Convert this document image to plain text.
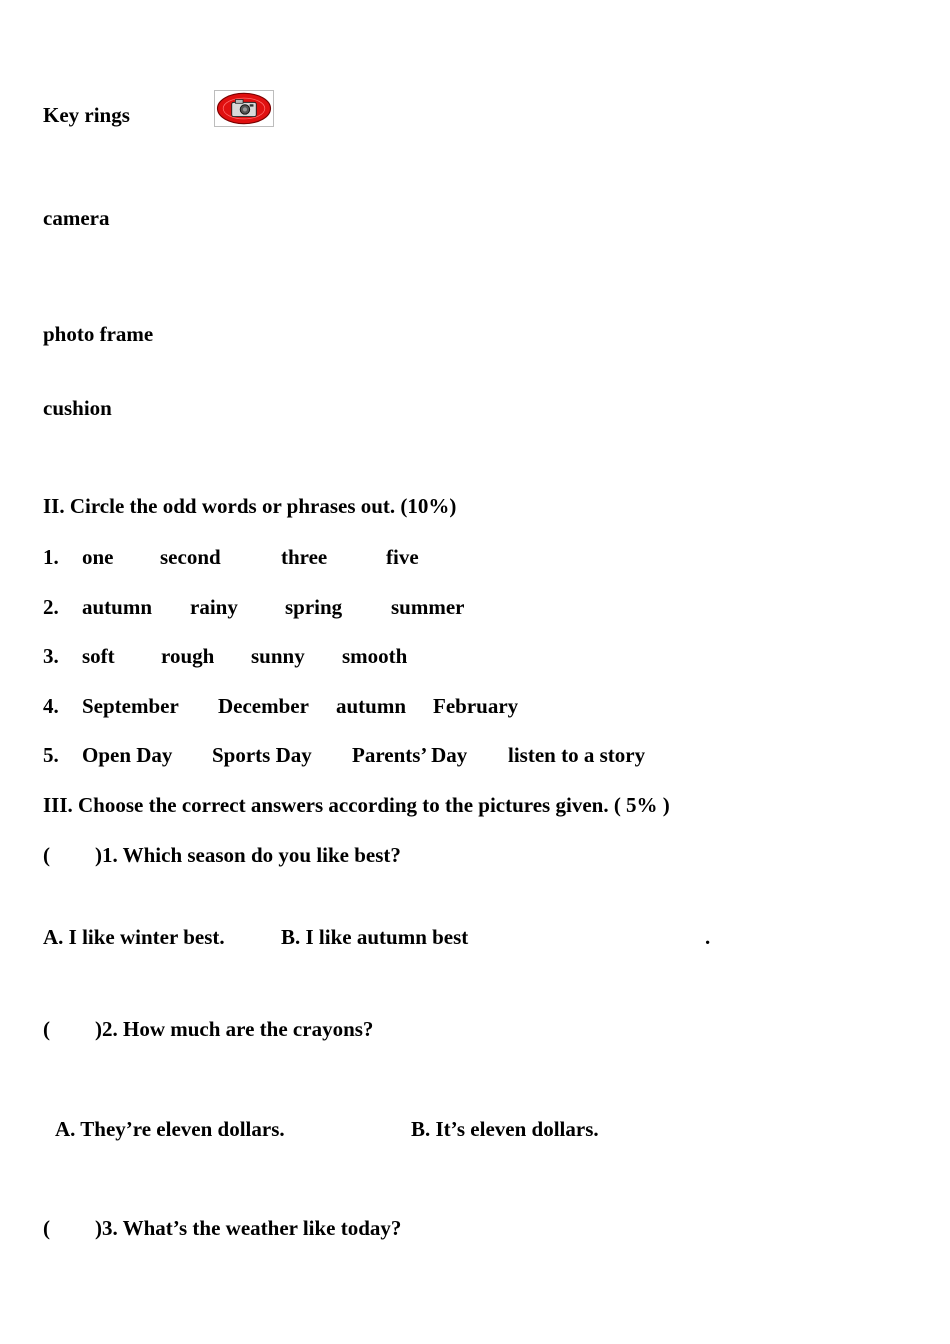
Key rings
camera
photo frame
cushion
II. Circle the odd words or phrases out. (10%)
1. one second	three	five
2. autumn rainy spring summer
3. soft rough sunny smooth
4. September December autumn February
5. Open Day Sports Day Parents’ Day listen to a story
III. Choose the correct answers according to the pictures given. ( 5% )
( )1. Which season do you like best?
A. I like winter best.	B. I like autumn best	.
( )2. How much are the crayons?
A. They’re eleven dollars.	B. It’s eleven dollars.
( )3. What’s the weather like today?
